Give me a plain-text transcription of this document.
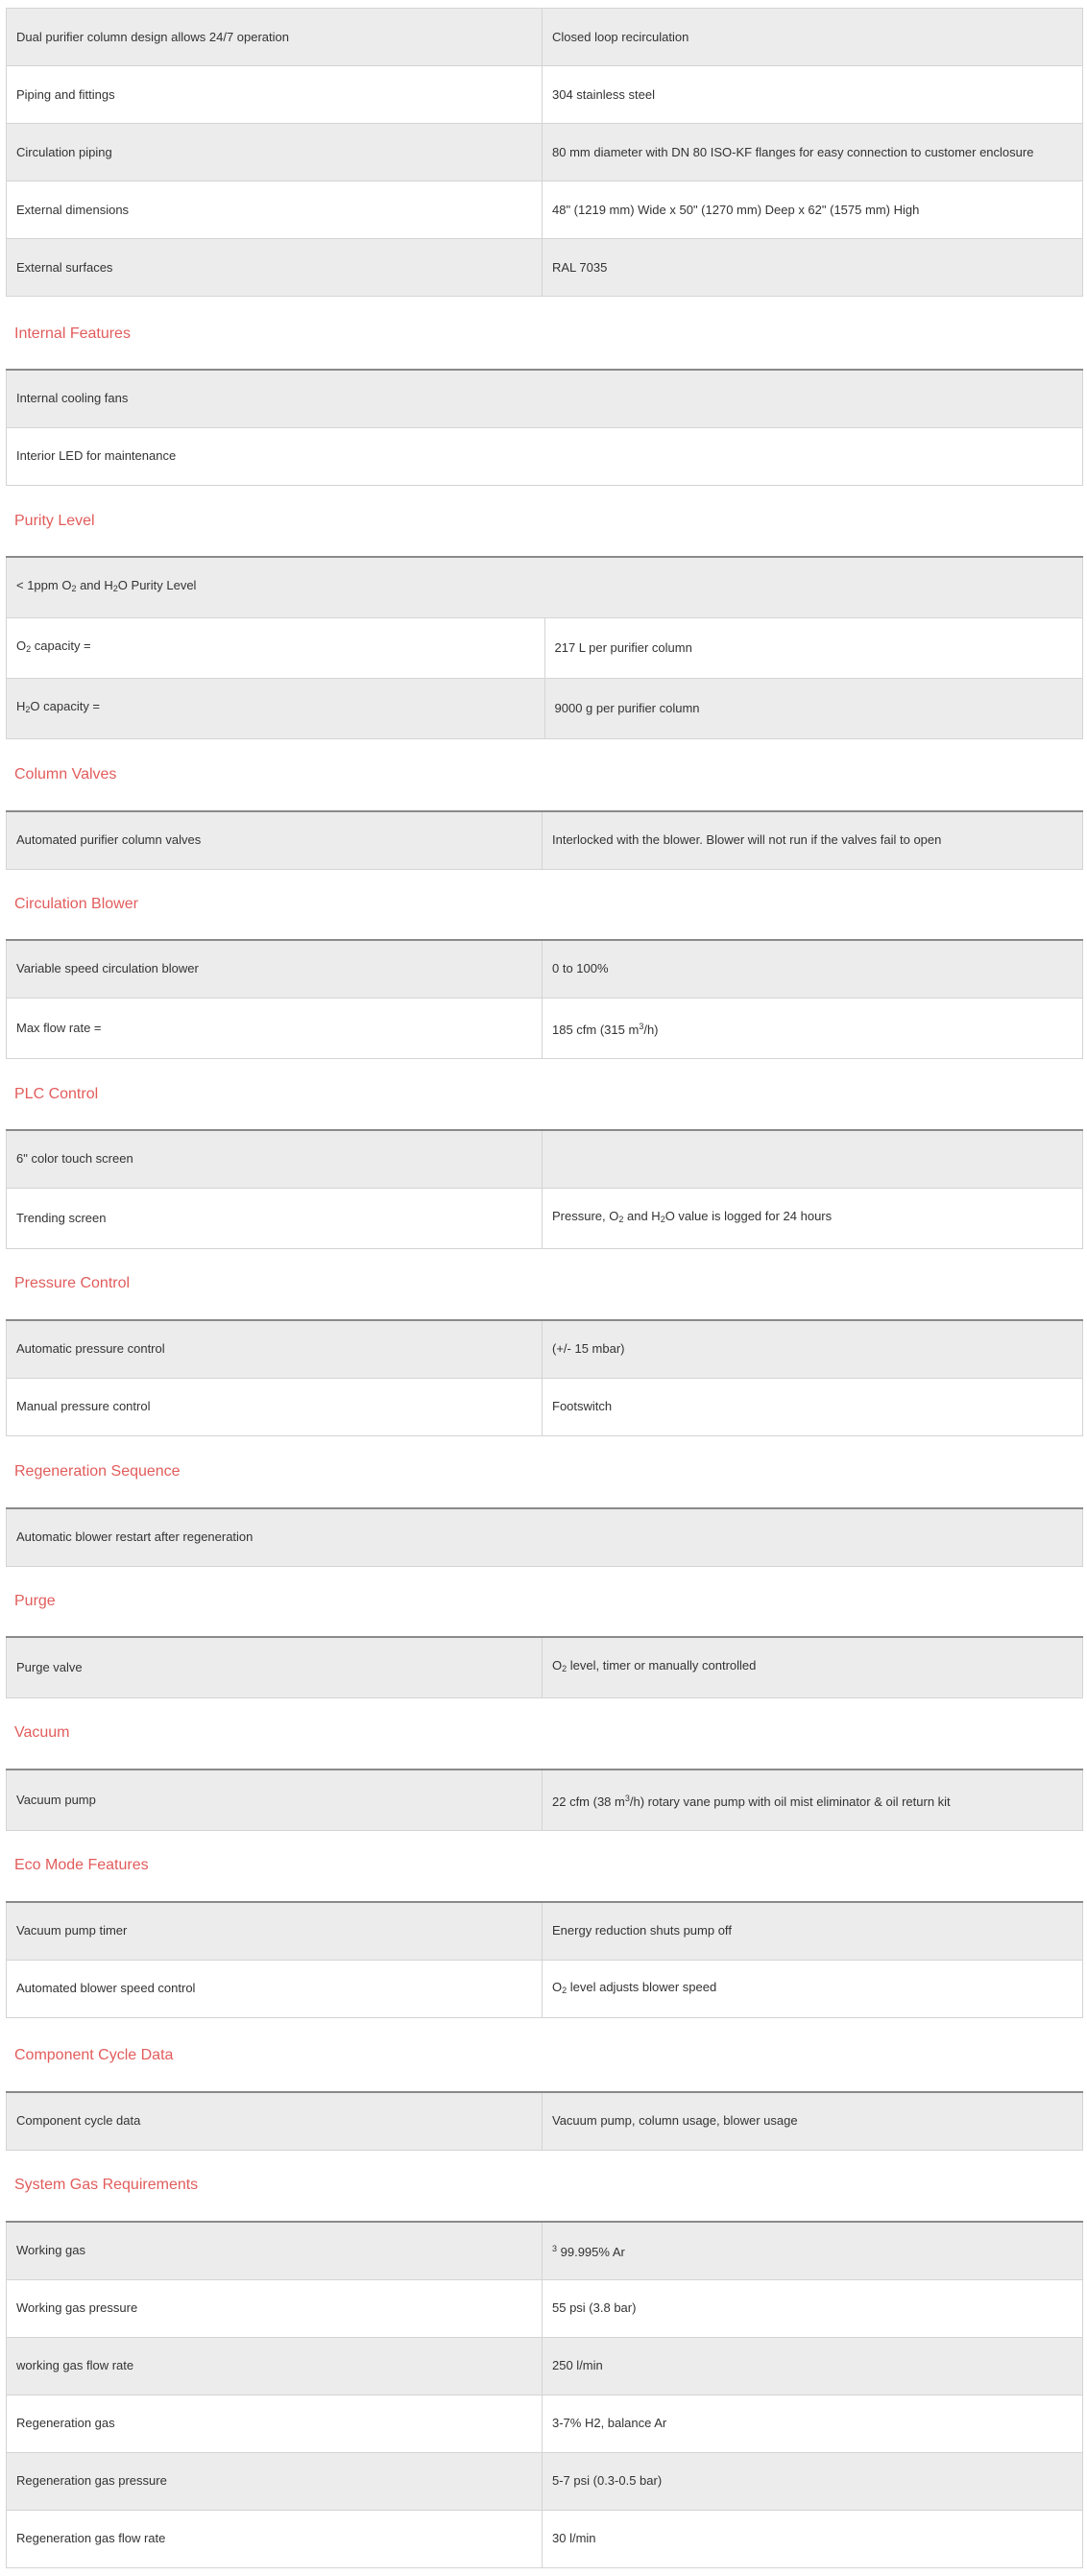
Dual purifier column design allows 24/7 operation	Closed loop recirculation
Piping and fittings	304 stainless steel
Circulation piping	80 mm diameter with DN 80 ISO-KF flanges for easy connection to customer enclosure
External dimensions	48" (1219 mm) Wide x 50" (1270 mm) Deep x 62" (1575 mm) High
External surfaces	RAL 7035
Internal Features
Internal cooling fans
Interior LED for maintenance
Purity Level
< 1ppm $O_2$ and $H_2O$ Purity Level	
$O_2$ capacity =	217 L per purifier column
$H_2O$ capacity =	9000 g per purifier column
Column Valves
Automated purifier column valves	Interlocked with the blower. Blower will not run if the valves fail to open
Circulation Blower
Variable speed circulation blower	0 to 100%
Max flow rate =	185 cfm (315 $m^3/h$)
PLC Control
6" color touch screen	
Trending screen	Pressure, $O_2$ and $H_2O$ value is logged for 24 hours
Pressure Control
Automatic pressure control	(+/- 15 mbar)
Manual pressure control	Footswitch
Regeneration Sequence
Automatic blower restart after regeneration
Purge
Purge valve	$O_2$ level, timer or manually controlled
Vacuum
Vacuum pump	22 cfm (38 $m^3/h$) rotary vane pump with oil mist eliminator & oil return kit
Eco Mode Features
Vacuum pump timer	Energy reduction shuts pump off
Automated blower speed control	$O_2$ level adjusts blower speed
Component Cycle Data
Component cycle data	Vacuum pump, column usage, blower usage
System Gas Requirements
Working gas	$^3$ 99.995% Ar
Working gas pressure	55 psi (3.8 bar)
working gas flow rate	250 l/min
Regeneration gas	3-7% H2, balance Ar
Regeneration gas pressure	5-7 psi (0.3-0.5 bar)
Regeneration gas flow rate	30 l/min
